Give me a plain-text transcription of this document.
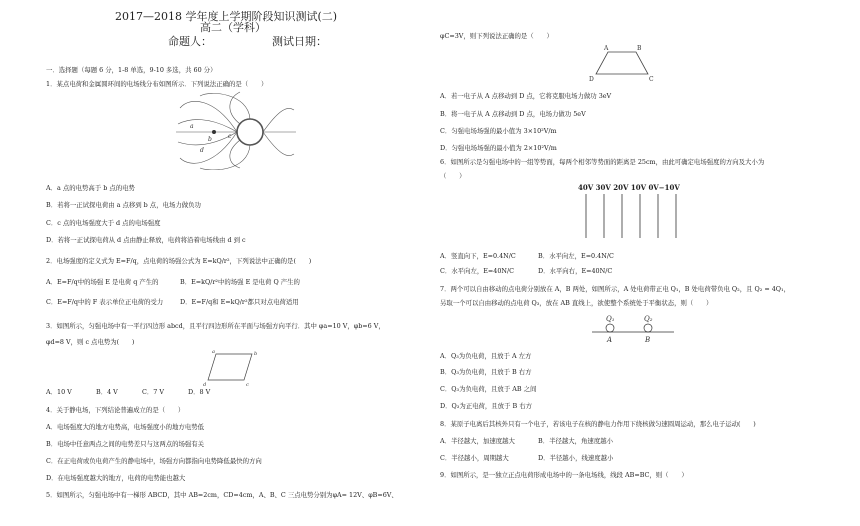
2017—2018 学年度上学期阶段知识测试(二)
高二（学科）
命题人：	测试日期：
一．选择题（每题 6 分，1-8 单选，9-10 多选，共 60 分）
1．某点电荷和金属圆环间的电场线分布如图所示．下列说法正确的是（　　）
a
b	c
d
A．a 点的电势高于 b 点的电势
B．若将一正试探电荷由 a 点移到 b 点，电场力做负功
C．c 点的电场强度大于 d 点的电场强度
D．若将一正试探电荷从 d 点由静止释放，电荷将沿着电场线由 d 到 c
2．电场强度的定义式为 E=F/q，点电荷的场强公式为 E=kQ/r²，下列说法中正确的是(　　)
A．E=F/q中的场强 E 是电荷 q 产生的	B．E=kQ/r²中的场强 E 是电荷 Q 产生的
C．E=F/q中的 F 表示单位正电荷的受力	D．E=F/q和 E=kQ/r²都只对点电荷适用
3．如图所示，匀强电场中有一平行四边形 abcd，且平行四边形所在平面与场强方向平行．其中 φa=10 V，φb=6 V，
φd=8 V，则 c 点电势为(　　)
a	b
c
d
A．10 V	B．4 V	C．7 V	D．8 V
4．关于静电场，下列结论普遍成立的是（　　）
A．电场强度大的地方电势高，电场强度小的地方电势低
B．电场中任意两点之间的电势差只与这两点的场强有关
C．在正电荷或负电荷产生的静电场中，场强方向都指向电势降低最快的方向
D．在电场强度越大的地方，电荷的电势能也越大
5．如图所示，匀强电场中有一梯形 ABCD，其中 AB=2cm，CD=4cm，A、B、C 三点电势分别为φA= 12V、φB=6V、
φC=3V，则下列说法正确的是（　　）
A	B
C
D
A．若一电子从 A 点移动到 D 点，它将克服电场力做功 3eV
B．将一电子从 A 点移动到 D 点，电场力做功 5eV
C．匀强电场场强的最小值为 3×10²V/m
D．匀强电场场强的最小值为 2×10²V/m
6．如图所示是匀强电场中的一组等势面，每两个相邻等势面的距离是 25cm，由此可确定电场强度的方向及大小为
（　　）
40V 30V 20V 10V 0V−10V
A．竖直向下，E=0.4N/C	B．水平向左，E=0.4N/C
C．水平向左，E=40N/C	D．水平向右，E=40N/C
7．两个可以自由移动的点电荷分别放在 A，B 两处，如图所示，A 处电荷带正电 Q₁，B 处电荷带负电 Q₂，且 Q₂ = 4Q₁，
另取一个可以自由移动的点电荷 Q₃，放在 AB 直线上，欲使整个系统处于平衡状态，则（　　）
Q₁	Q₂
A	B
A．Q₃为负电荷，且放于 A 左方
B．Q₃为负电荷，且放于 B 右方
C．Q₃为负电荷，且放于 AB 之间
D．Q₃为正电荷，且放于 B 右方
8．某原子电离后其核外只有一个电子，若该电子在核的静电力作用下绕核做匀速圆周运动，那么电子运动(　　)
A．半径越大，加速度越大	B．半径越大，角速度越小
C．半径越小，周期越大	D．半径越小，线速度越小
9．如图所示，是一独立正点电荷形成电场中的一条电场线，线段 AB=BC，则（　　）
